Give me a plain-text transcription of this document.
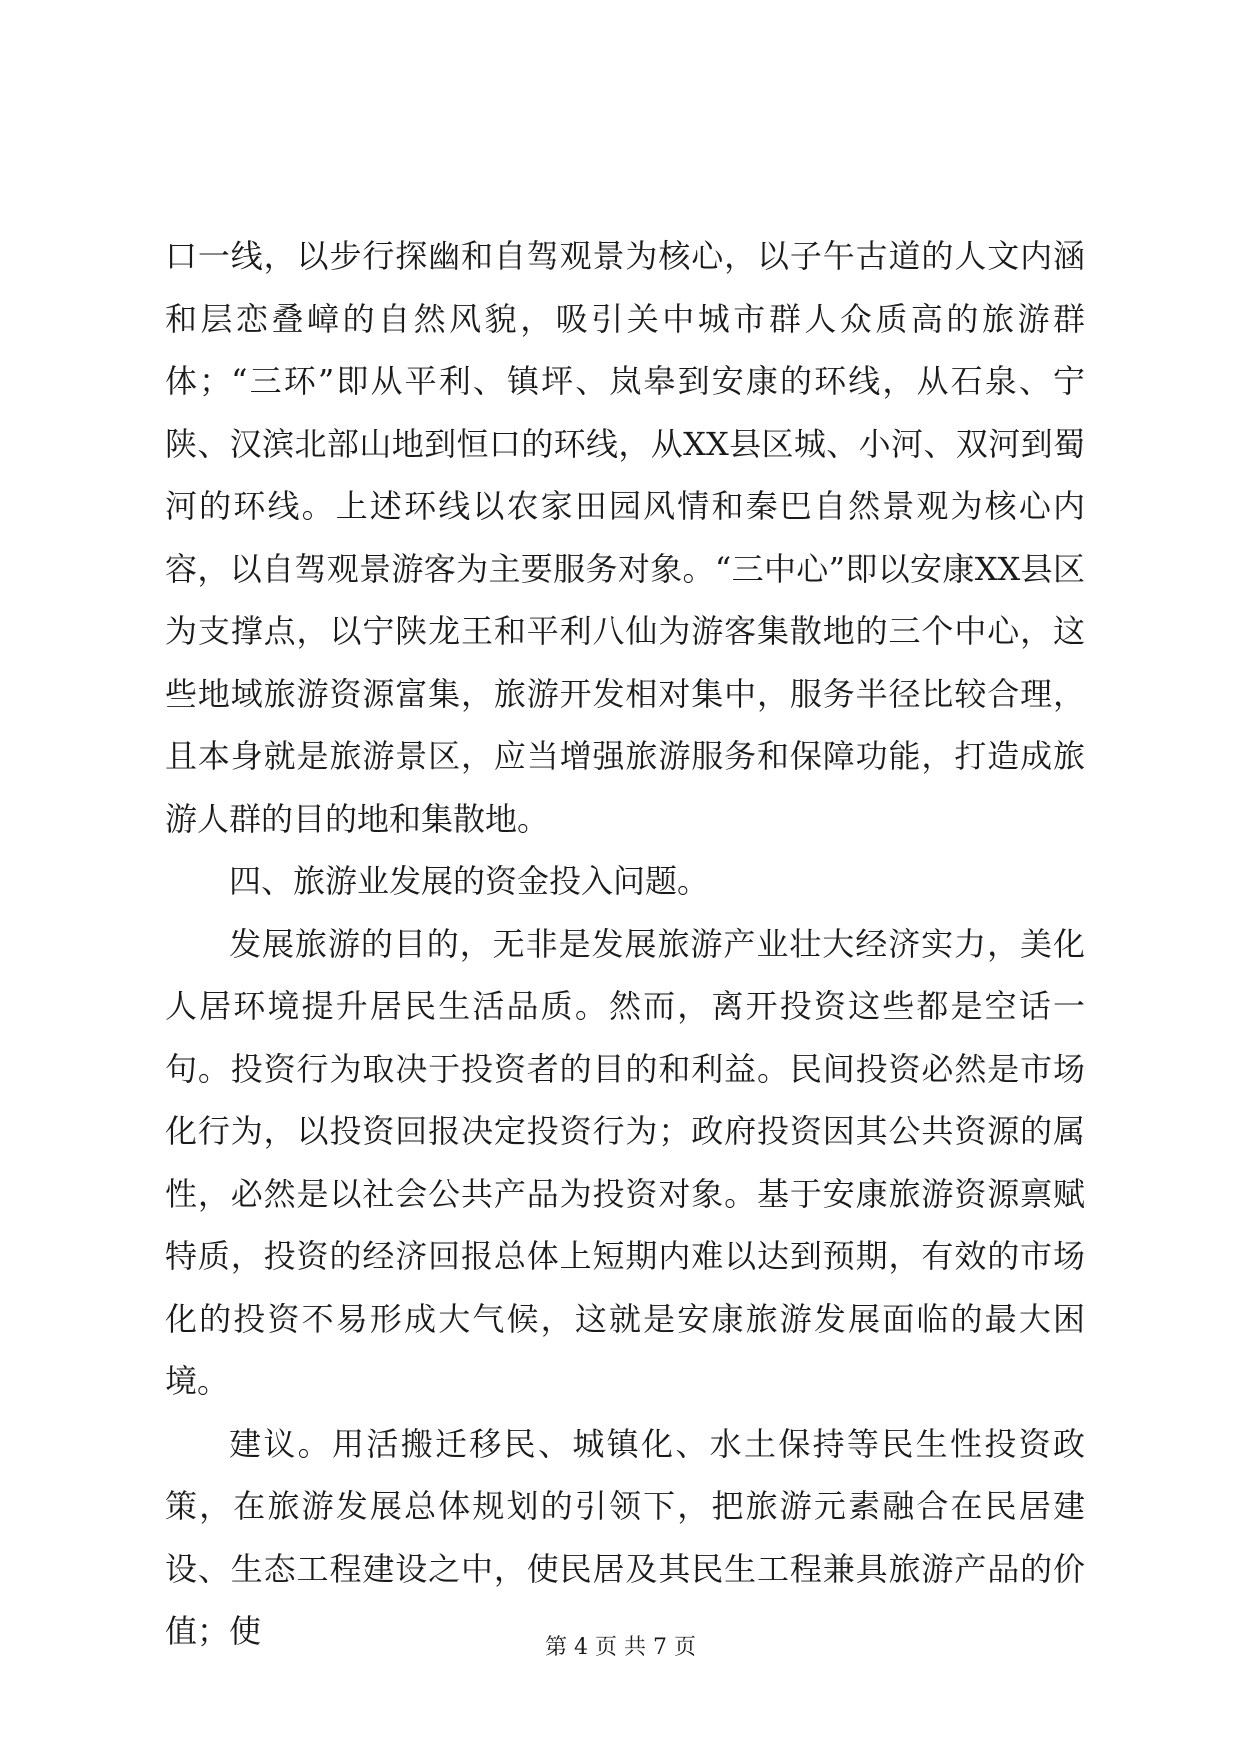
口一线，以步行探幽和自驾观景为核心，以子午古道的人文内涵和层恋叠嶂的自然风貌，吸引关中城市群人众质高的旅游群体；“三环”即从平利、镇坪、岚皋到安康的环线，从石泉、宁陕、汉滨北部山地到恒口的环线，从XX县区城、小河、双河到蜀河的环线。上述环线以农家田园风情和秦巴自然景观为核心内容，以自驾观景游客为主要服务对象。“三中心”即以安康XX县区为支撑点，以宁陕龙王和平利八仙为游客集散地的三个中心，这些地域旅游资源富集，旅游开发相对集中，服务半径比较合理，且本身就是旅游景区，应当增强旅游服务和保障功能，打造成旅游人群的目的地和集散地。

四、旅游业发展的资金投入问题。

发展旅游的目的，无非是发展旅游产业壮大经济实力，美化人居环境提升居民生活品质。然而，离开投资这些都是空话一句。投资行为取决于投资者的目的和利益。民间投资必然是市场化行为，以投资回报决定投资行为；政府投资因其公共资源的属性，必然是以社会公共产品为投资对象。基于安康旅游资源禀赋特质，投资的经济回报总体上短期内难以达到预期，有效的市场化的投资不易形成大气候，这就是安康旅游发展面临的最大困境。

建议。用活搬迁移民、城镇化、水土保持等民生性投资政策，在旅游发展总体规划的引领下，把旅游元素融合在民居建设、生态工程建设之中，使民居及其民生工程兼具旅游产品的价值；使	第 4 页 共 7 页
